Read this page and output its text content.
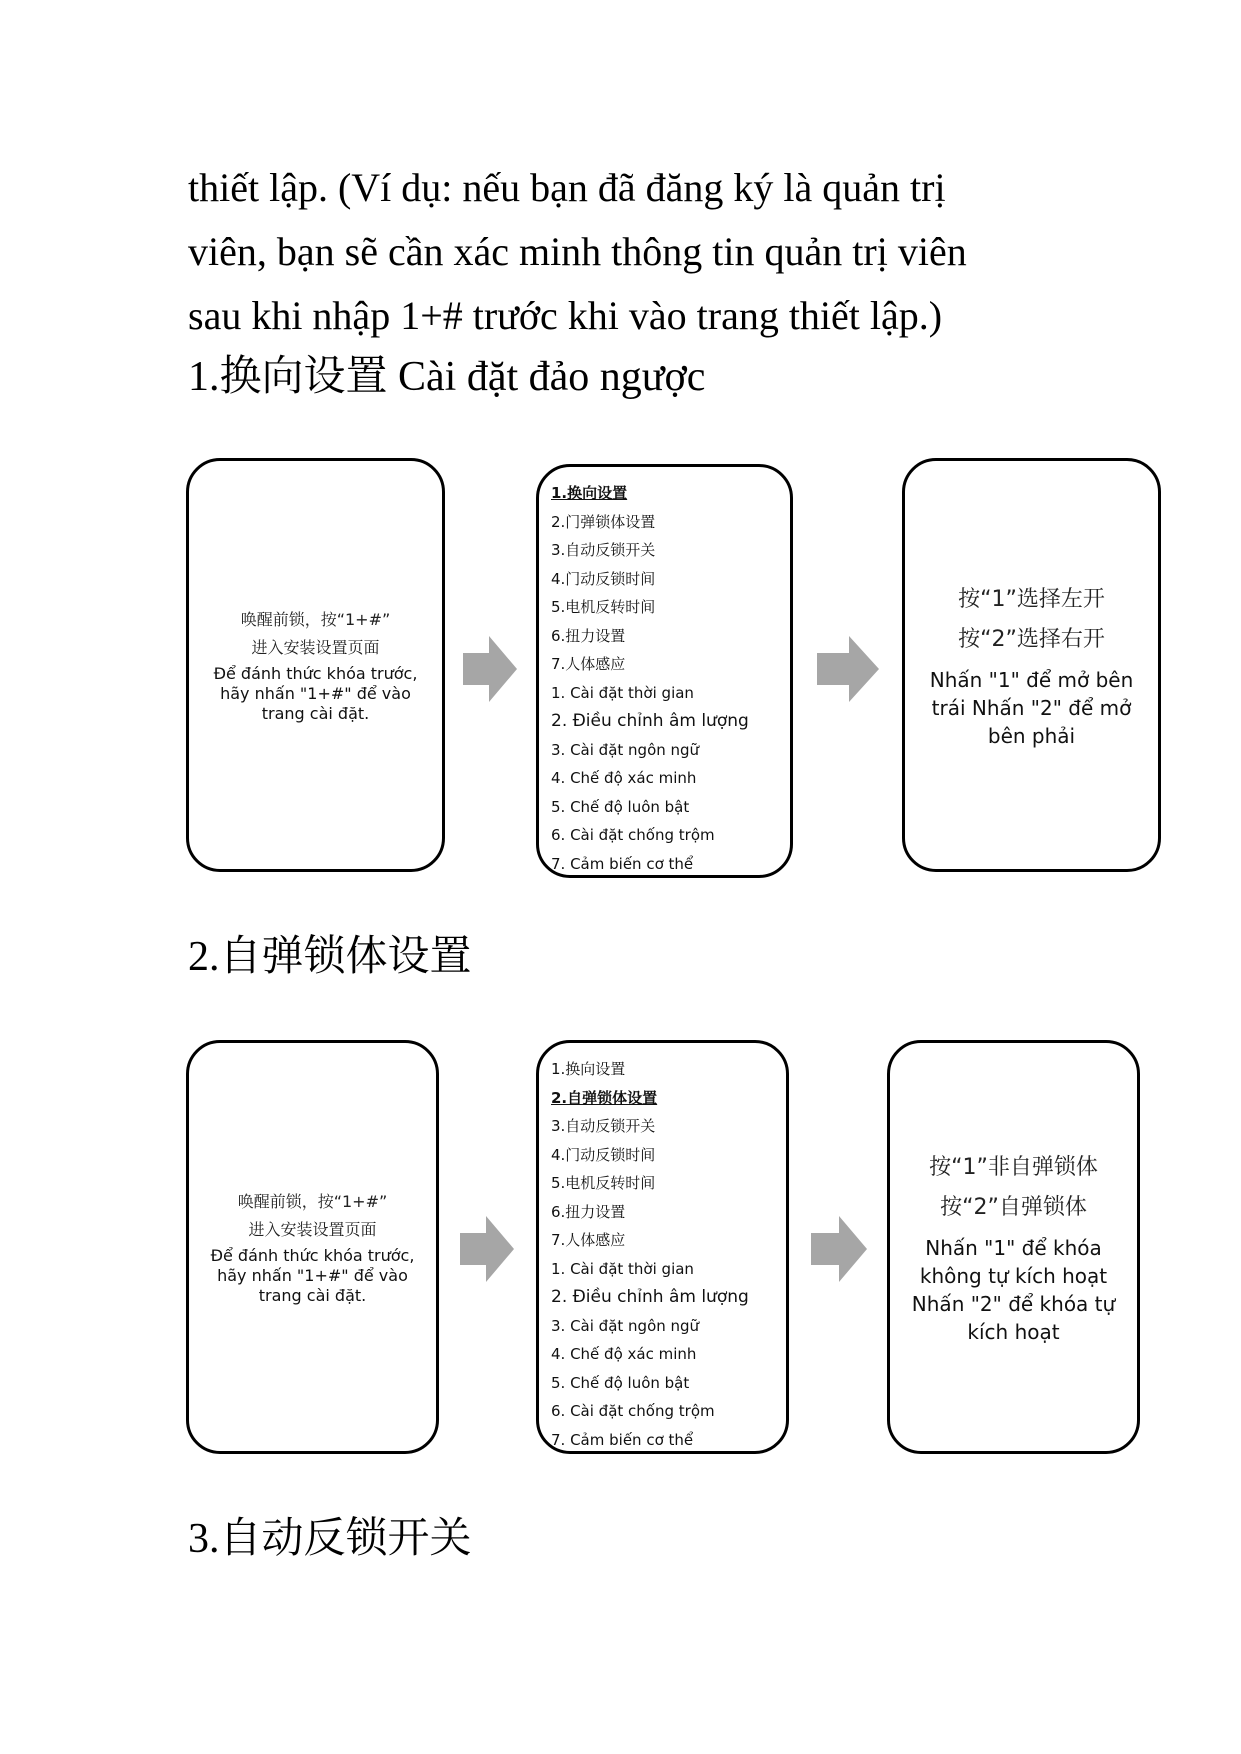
thiết lập. (Ví dụ: nếu bạn đã đăng ký là quản trị
viên, bạn sẽ cần xác minh thông tin quản trị viên
sau khi nhập 1+# trước khi vào trang thiết lập.)
1.换向设置 Cài đặt đảo ngược
唤醒前锁，按“1+#”
进入安装设置页面
Để đánh thức khóa trước, hãy nhấn "1+#" để vào trang cài đặt.
1.换向设置
2.门弹锁体设置
3.自动反锁开关
4.门动反锁时间
5.电机反转时间
6.扭力设置
7.人体感应
1. Cài đặt thời gian
2. Điều chỉnh âm lượng
3. Cài đặt ngôn ngữ
4. Chế độ xác minh
5. Chế độ luôn bật
6. Cài đặt chống trộm
7. Cảm biến cơ thể
按“1”选择左开
按“2”选择右开
Nhấn "1" để mở bên trái Nhấn "2" để mở bên phải
2.自弹锁体设置
唤醒前锁，按“1+#”
进入安装设置页面
Để đánh thức khóa trước, hãy nhấn "1+#" để vào trang cài đặt.
1.换向设置
2.自弹锁体设置
3.自动反锁开关
4.门动反锁时间
5.电机反转时间
6.扭力设置
7.人体感应
1. Cài đặt thời gian
2. Điều chỉnh âm lượng
3. Cài đặt ngôn ngữ
4. Chế độ xác minh
5. Chế độ luôn bật
6. Cài đặt chống trộm
7. Cảm biến cơ thể
按“1”非自弹锁体
按“2”自弹锁体
Nhấn "1" để khóa không tự kích hoạt Nhấn "2" để khóa tự kích hoạt
3.自动反锁开关
